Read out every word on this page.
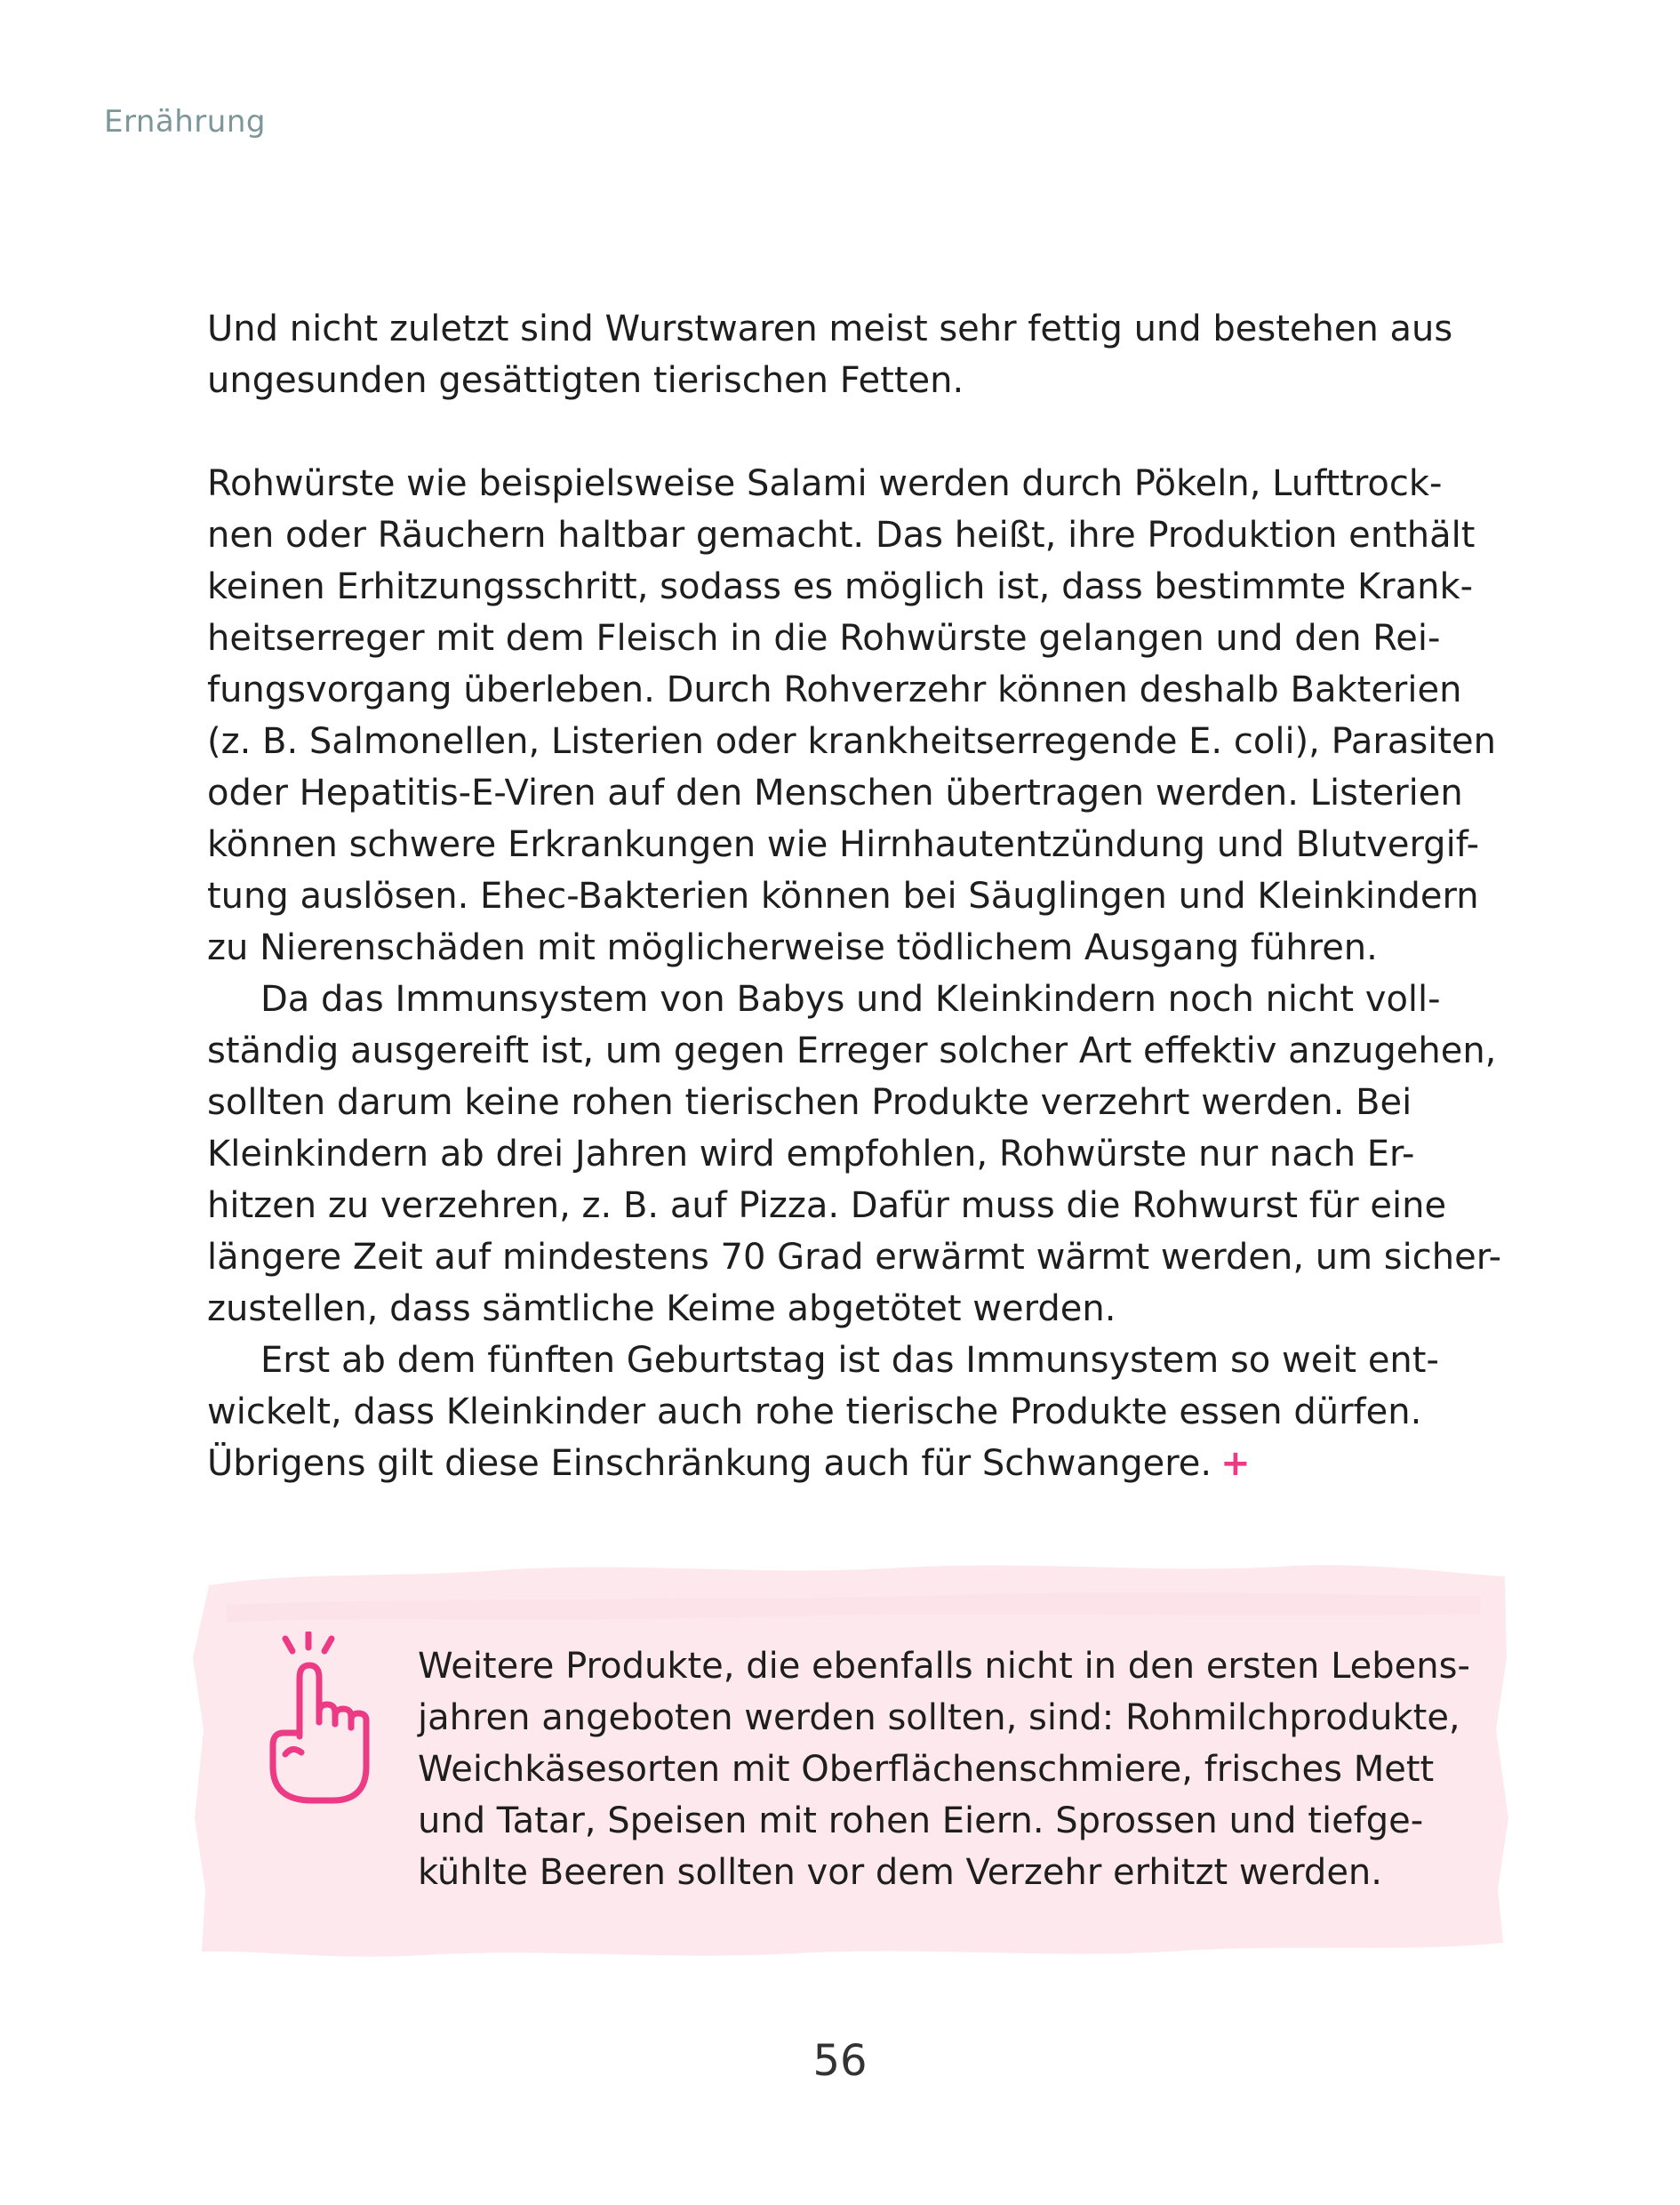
Ernährung

Und nicht zuletzt sind Wurstwaren meist sehr fettig und bestehen aus
ungesunden gesättigten tierischen Fetten.

Rohwürste wie beispielsweise Salami werden durch Pökeln, Lufttrock-
nen oder Räuchern haltbar gemacht. Das heißt, ihre Produktion enthält
keinen Erhitzungsschritt, sodass es möglich ist, dass bestimmte Krank-
heitserreger mit dem Fleisch in die Rohwürste gelangen und den Rei-
fungsvorgang überleben. Durch Rohverzehr können deshalb Bakterien
(z. B. Salmonellen, Listerien oder krankheitserregende E. coli), Parasiten
oder Hepatitis-E-Viren auf den Menschen übertragen werden. Listerien
können schwere Erkrankungen wie Hirnhautentzündung und Blutvergif-
tung auslösen. Ehec-Bakterien können bei Säuglingen und Kleinkindern
zu Nierenschäden mit möglicherweise tödlichem Ausgang führen.

Da das Immunsystem von Babys und Kleinkindern noch nicht voll-
ständig ausgereift ist, um gegen Erreger solcher Art effektiv anzugehen,
sollten darum keine rohen tierischen Produkte verzehrt werden. Bei
Kleinkindern ab drei Jahren wird empfohlen, Rohwürste nur nach Er-
hitzen zu verzehren, z. B. auf Pizza. Dafür muss die Rohwurst für eine
längere Zeit auf mindestens 70 Grad erwärmt wärmt werden, um sicher-
zustellen, dass sämtliche Keime abgetötet werden.

Erst ab dem fünften Geburtstag ist das Immunsystem so weit ent-
wickelt, dass Kleinkinder auch rohe tierische Produkte essen dürfen.
Übrigens gilt diese Einschränkung auch für Schwangere. +

Weitere Produkte, die ebenfalls nicht in den ersten Lebens-
jahren angeboten werden sollten, sind: Rohmilchprodukte,
Weichkäsesorten mit Oberflächenschmiere, frisches Mett
und Tatar, Speisen mit rohen Eiern. Sprossen und tiefge-
kühlte Beeren sollten vor dem Verzehr erhitzt werden.
56
